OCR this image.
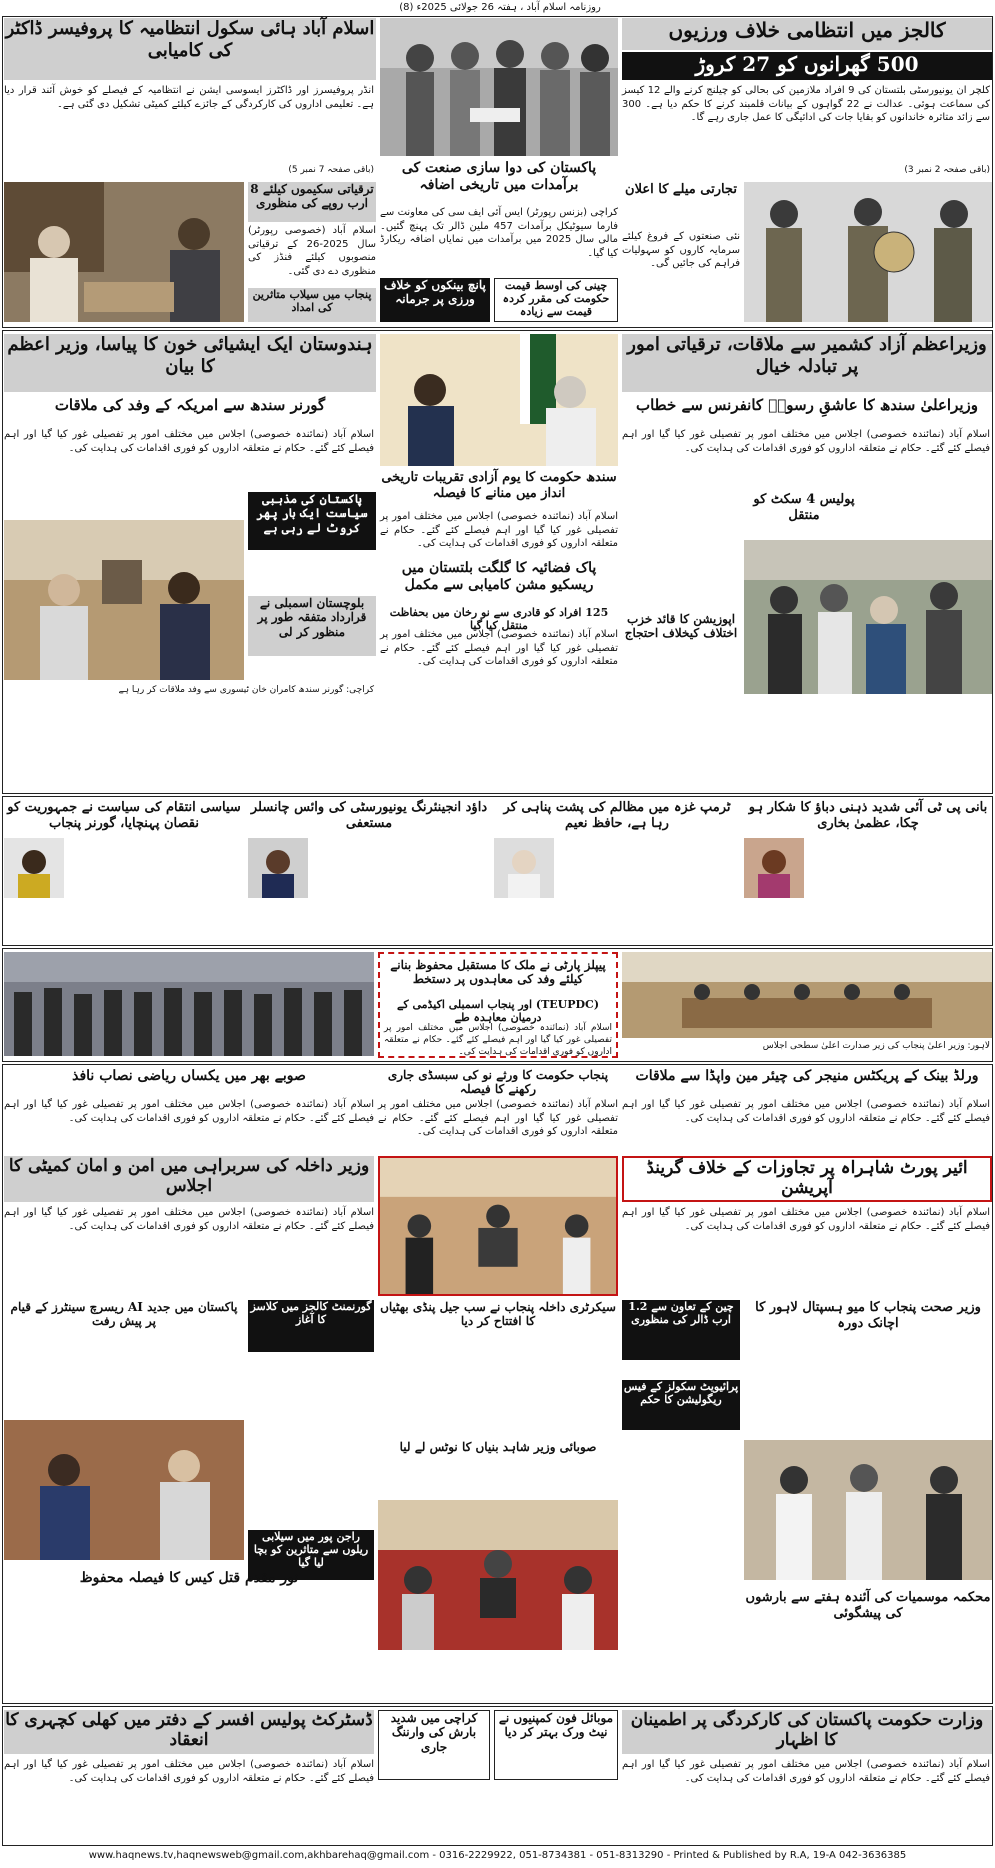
روزنامہ اسلام آباد ، ہفتہ 26 جولائی 2025ء (8)
کالجز میں انتظامی خلاف ورزیوں
500 گھرانوں کو 27 کروڑ
کلچر ان یونیورسٹی بلتستان کی 9 افراد ملازمین کی بحالی کو چیلنج کرنے والے 12 کیسز کی سماعت ہوئی۔ عدالت نے 22 گواہوں کے بیانات قلمبند کرنے کا حکم دیا ہے۔ 300 سے زائد متاثرہ خاندانوں کو بقایا جات کی ادائیگی کا عمل جاری رہے گا۔
(باقی صفحہ 2 نمبر 3)
اسلام آباد ہائی سکول انتظامیہ کا پروفیسر ڈاکٹر کی کامیابی
انڈر پروفیسرز اور ڈاکٹرز ایسوسی ایشن نے انتظامیہ کے فیصلے کو خوش آئند قرار دیا ہے۔ تعلیمی اداروں کی کارکردگی کے جائزے کیلئے کمیٹی تشکیل دی گئی ہے۔
(باقی صفحہ 7 نمبر 5)	پاکستان کی دوا سازی صنعت کی برآمدات میں تاریخی اضافہ
کراچی (بزنس رپورٹر) ایس آئی ایف سی کی معاونت سے فارما سیوٹیکل برآمدات 457 ملین ڈالر تک پہنچ گئیں۔ مالی سال 2025 میں برآمدات میں نمایاں اضافہ ریکارڈ کیا گیا۔
تجارتی میلے کا اعلان
نئی صنعتوں کے فروغ کیلئے سرمایہ کاروں کو سہولیات فراہم کی جائیں گی۔
ترقیاتی سکیموں کیلئے 8 ارب روپے کی منظوری
اسلام آباد (خصوصی رپورٹر) سال 2025-26 کے ترقیاتی منصوبوں کیلئے فنڈز کی منظوری دے دی گئی۔
پانچ بینکوں کو خلاف ورزی پر جرمانہ
چینی کی اوسط قیمت حکومت کی مقرر کردہ قیمت سے زیادہ
پنجاب میں سیلاب متاثرین کی امداد
وزیراعظم آزاد کشمیر سے ملاقات، ترقیاتی امور پر تبادلہ خیال
ہندوستان ایک ایشیائی خون کا پیاسا، وزیر اعظم کا بیان
سندھ حکومت کا یوم آزادی تقریبات تاریخی انداز میں منانے کا فیصلہ
اسلام آباد (نمائندہ خصوصی) اجلاس میں مختلف امور پر تفصیلی غور کیا گیا اور اہم فیصلے کئے گئے۔ حکام نے متعلقہ اداروں کو فوری اقدامات کی ہدایت کی۔
پاک فضائیہ کا گلگت بلتستان میں ریسکیو مشن کامیابی سے مکمل
125 افراد کو قادری سے نو رخان میں بحفاظت منتقل کیا گیا
اسلام آباد (نمائندہ خصوصی) اجلاس میں مختلف امور پر تفصیلی غور کیا گیا اور اہم فیصلے کئے گئے۔ حکام نے متعلقہ اداروں کو فوری اقدامات کی ہدایت کی۔
وزیراعلیٰ سندھ کا عاشقِ رسولؐ کانفرنس سے خطاب
اسلام آباد (نمائندہ خصوصی) اجلاس میں مختلف امور پر تفصیلی غور کیا گیا اور اہم فیصلے کئے گئے۔ حکام نے متعلقہ اداروں کو فوری اقدامات کی ہدایت کی۔
پولیس 4 سکٹ کو منتقل
اپوزیشن کا قائد خزب اختلاف کیخلاف احتجاج
گورنر سندھ سے امریکہ کے وفد کی ملاقات
اسلام آباد (نمائندہ خصوصی) اجلاس میں مختلف امور پر تفصیلی غور کیا گیا اور اہم فیصلے کئے گئے۔ حکام نے متعلقہ اداروں کو فوری اقدامات کی ہدایت کی۔
پاکستان کی مذہبی سیاست ایک بار پھر کروٹ لے رہی ہے
بلوچستان اسمبلی نے قرارداد متفقہ طور پر منظور کر لی
کراچی: گورنر سندھ کامران خان ٹیسوری سے وفد ملاقات کر رہا ہے
بانی پی ٹی آئی شدید ذہنی دباؤ کا شکار ہو چکا، عظمیٰ بخاری
ٹرمپ غزہ میں مظالم کی پشت پناہی کر رہا ہے، حافظ نعیم
داؤد انجینئرنگ یونیورسٹی کی وائس چانسلر مستعفی
سیاسی انتقام کی سیاست نے جمہوریت کو نقصان پہنچایا، گورنر پنجاب
لاہور: وزیر اعلیٰ پنجاب کی زیر صدارت اعلیٰ سطحی اجلاس
پیپلز پارٹی نے ملک کا مستقبل محفوظ بنانے کیلئے وفد کی معاہدوں پر دستخط
(TEUPDC) اور پنجاب اسمبلی اکیڈمی کے درمیان معاہدہ طے
اسلام آباد (نمائندہ خصوصی) اجلاس میں مختلف امور پر تفصیلی غور کیا گیا اور اہم فیصلے کئے گئے۔ حکام نے متعلقہ اداروں کو فوری اقدامات کی ہدایت کی۔
ورلڈ بینک کے پریکٹس منیجر کی چیئر مین واپڈا سے ملاقات
پنجاب حکومت کا ورثے نو کی سبسڈی جاری رکھنے کا فیصلہ
صوبے بھر میں یکساں ریاضی نصاب نافذ
اسلام آباد (نمائندہ خصوصی) اجلاس میں مختلف امور پر تفصیلی غور کیا گیا اور اہم فیصلے کئے گئے۔ حکام نے متعلقہ اداروں کو فوری اقدامات کی ہدایت کی۔
اسلام آباد (نمائندہ خصوصی) اجلاس میں مختلف امور پر تفصیلی غور کیا گیا اور اہم فیصلے کئے گئے۔ حکام نے متعلقہ اداروں کو فوری اقدامات کی ہدایت کی۔
اسلام آباد (نمائندہ خصوصی) اجلاس میں مختلف امور پر تفصیلی غور کیا گیا اور اہم فیصلے کئے گئے۔ حکام نے متعلقہ اداروں کو فوری اقدامات کی ہدایت کی۔
ائیر پورٹ شاہراہ پر تجاوزات کے خلاف گرینڈ آپریشن
وزیر داخلہ کی سربراہی میں امن و امان کمیٹی کا اجلاس
اسلام آباد (نمائندہ خصوصی) اجلاس میں مختلف امور پر تفصیلی غور کیا گیا اور اہم فیصلے کئے گئے۔ حکام نے متعلقہ اداروں کو فوری اقدامات کی ہدایت کی۔
اسلام آباد (نمائندہ خصوصی) اجلاس میں مختلف امور پر تفصیلی غور کیا گیا اور اہم فیصلے کئے گئے۔ حکام نے متعلقہ اداروں کو فوری اقدامات کی ہدایت کی۔
وزیر صحت پنجاب کا میو ہسپتال لاہور کا اچانک دورہ
چین کے تعاون سے 1.2 ارب ڈالر کی منظوری
سیکرٹری داخلہ پنجاب نے سب جیل پنڈی بھٹیاں کا افتتاح کر دیا
گورنمنٹ کالجز میں کلاسز کا آغاز
پاکستان میں جدید AI ریسرچ سینٹرز کے قیام پر پیش رفت
صوبائی وزیر شاہد بنیاں کا نوٹس لے لیا
پرائیویٹ سکولز کے فیس ریگولیشن کا حکم
راجن پور میں سیلابی ریلوں سے متاثرین کو بچا لیا گیا
محکمہ موسمیات کی آئندہ ہفتے سے بارشوں کی پیشگوئی
نور مقدم قتل کیس کا فیصلہ محفوظ
وزارت حکومت پاکستان کی کارکردگی پر اطمینان کا اظہار
موبائل فون کمپنیوں نے نیٹ ورک بہتر کر دیا
کراچی میں شدید بارش کی وارننگ جاری
ڈسٹرکٹ پولیس افسر کے دفتر میں کھلی کچہری کا انعقاد
اسلام آباد (نمائندہ خصوصی) اجلاس میں مختلف امور پر تفصیلی غور کیا گیا اور اہم فیصلے کئے گئے۔ حکام نے متعلقہ اداروں کو فوری اقدامات کی ہدایت کی۔
اسلام آباد (نمائندہ خصوصی) اجلاس میں مختلف امور پر تفصیلی غور کیا گیا اور اہم فیصلے کئے گئے۔ حکام نے متعلقہ اداروں کو فوری اقدامات کی ہدایت کی۔
www.haqnews.tv,haqnewsweb@gmail.com,akhbarehaq@gmail.com - 0316-2229922, 051-8734381 - 051-8313290 - Printed & Published by R.A, 19-A 042-3636385
